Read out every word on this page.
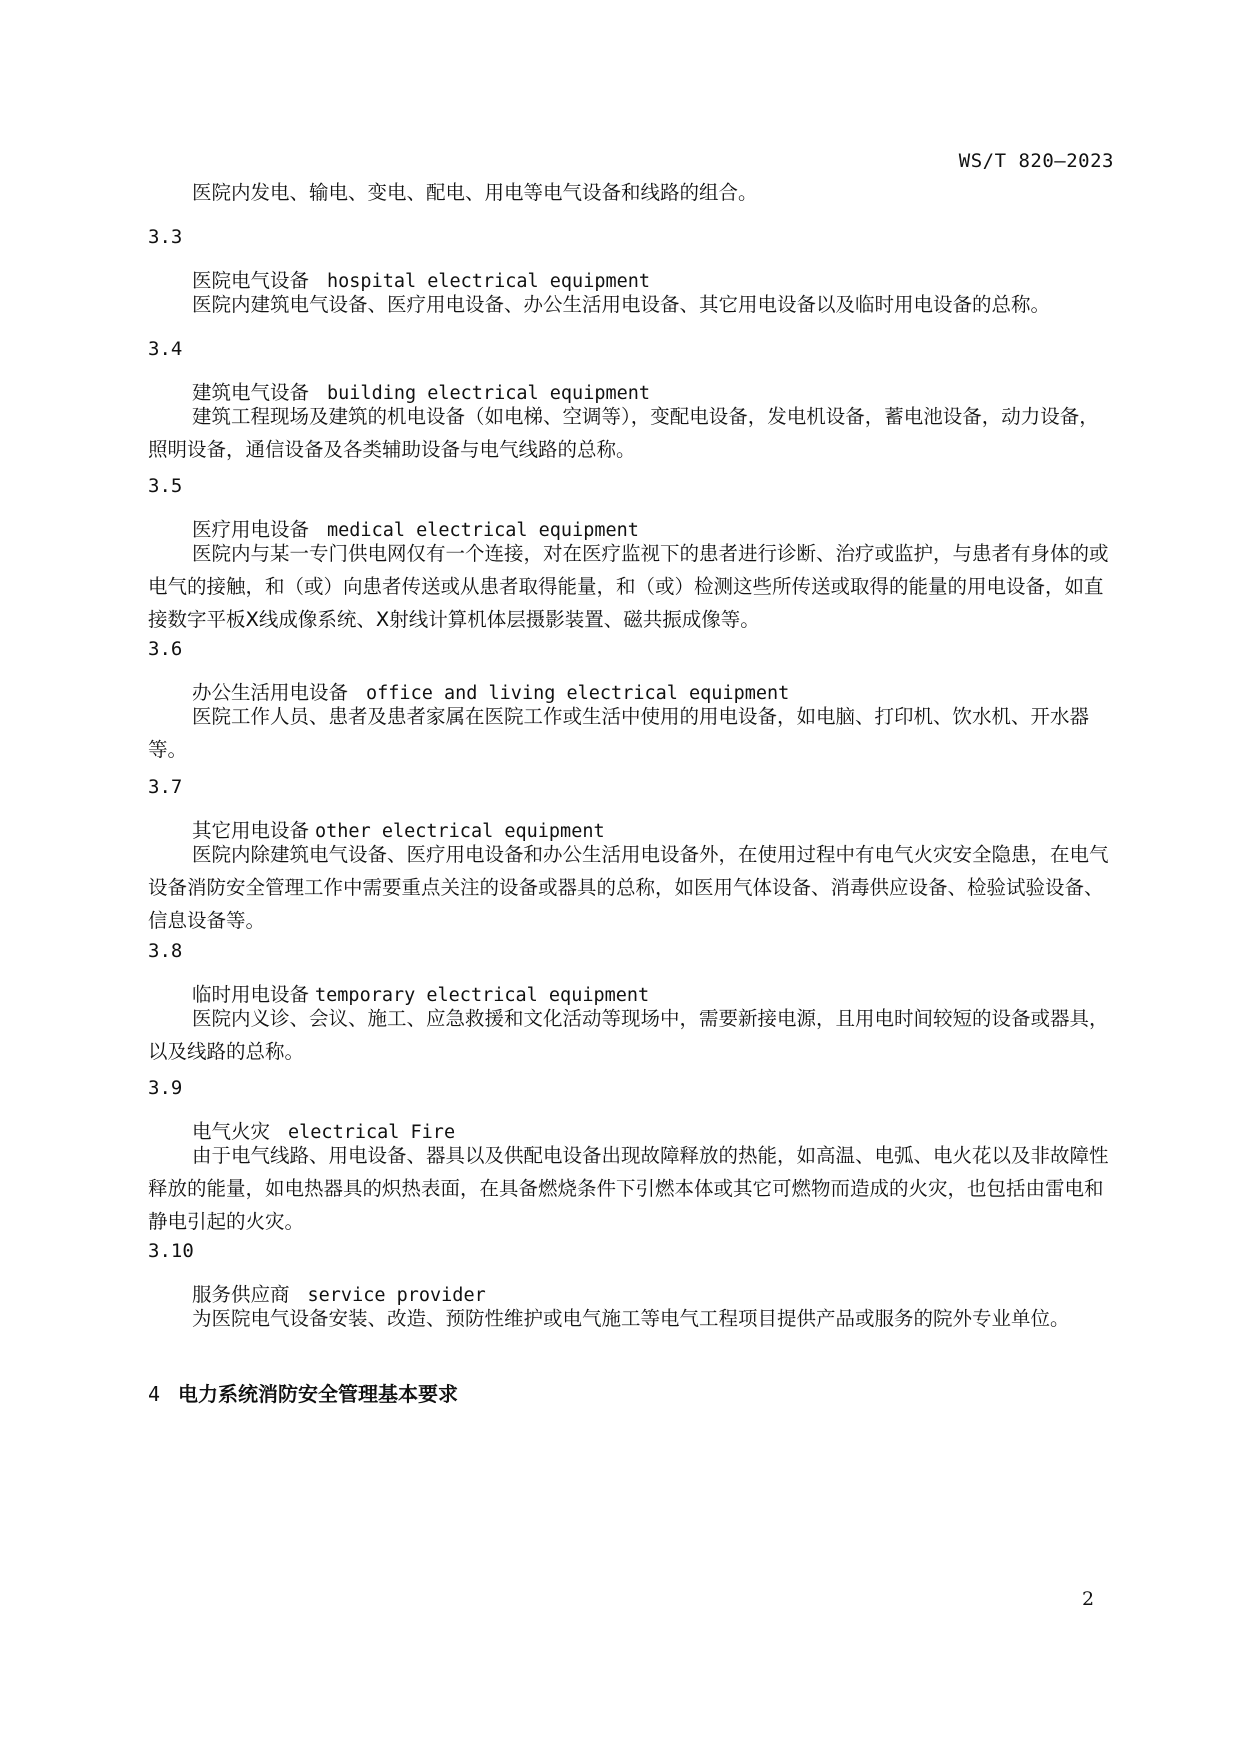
WS/T 820—2023
医院内发电、输电、变电、配电、用电等电气设备和线路的组合。
3.3
医院电气设备 hospital electrical equipment
医院内建筑电气设备、医疗用电设备、办公生活用电设备、其它用电设备以及临时用电设备的总称。
3.4
建筑电气设备 building electrical equipment
建筑工程现场及建筑的机电设备（如电梯、空调等），变配电设备，发电机设备，蓄电池设备，动力设备，照明设备，通信设备及各类辅助设备与电气线路的总称。
3.5
医疗用电设备 medical electrical equipment
医院内与某一专门供电网仅有一个连接，对在医疗监视下的患者进行诊断、治疗或监护，与患者有身体的或电气的接触，和（或）向患者传送或从患者取得能量，和（或）检测这些所传送或取得的能量的用电设备，如直接数字平板X线成像系统、X射线计算机体层摄影装置、磁共振成像等。
3.6
办公生活用电设备 office and living electrical equipment
医院工作人员、患者及患者家属在医院工作或生活中使用的用电设备，如电脑、打印机、饮水机、开水器等。
3.7
其它用电设备 other electrical equipment
医院内除建筑电气设备、医疗用电设备和办公生活用电设备外，在使用过程中有电气火灾安全隐患，在电气设备消防安全管理工作中需要重点关注的设备或器具的总称，如医用气体设备、消毒供应设备、检验试验设备、信息设备等。
3.8
临时用电设备 temporary electrical equipment
医院内义诊、会议、施工、应急救援和文化活动等现场中，需要新接电源，且用电时间较短的设备或器具，以及线路的总称。
3.9
电气火灾 electrical Fire
由于电气线路、用电设备、器具以及供配电设备出现故障释放的热能，如高温、电弧、电火花以及非故障性释放的能量，如电热器具的炽热表面，在具备燃烧条件下引燃本体或其它可燃物而造成的火灾，也包括由雷电和静电引起的火灾。
3.10
服务供应商 service provider
为医院电气设备安装、改造、预防性维护或电气施工等电气工程项目提供产品或服务的院外专业单位。
4 电力系统消防安全管理基本要求
2
